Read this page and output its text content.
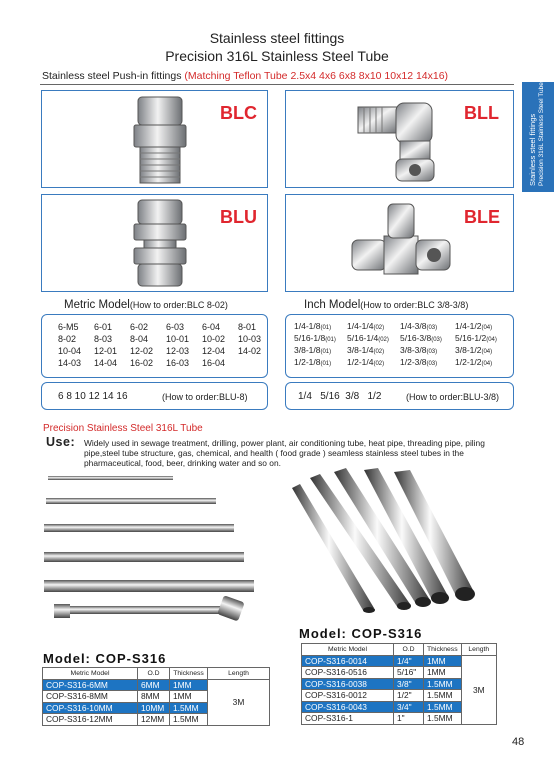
Stainless steel fittings
Precision 316L Stainless Steel Tube
Stainless steel Push-in fittings (Matching Teflon Tube 2.5x4 4x6 6x8 8x10 10x12 14x16)
Stainless steel fittings Precision 316L Stainless Steel Tube
BLC	BLL
BLU	BLE
Metric Model(How to order:BLC 8-02)
6-M5	6-01	6-02	6-03	6-04	8-01
8-02	8-03	8-04	10-01	10-02	10-03
10-04	12-01	12-02	12-03	12-04	14-02
14-03	14-04	16-02	16-03	16-04
6 8 10 12 14 16	(How to order:BLU-8)
Inch Model(How to order:BLC 3/8-3/8)
1/4-1/8(01)	1/4-1/4(02)	1/4-3/8(03)	1/4-1/2(04)
5/16-1/8(01)	5/16-1/4(02)	5/16-3/8(03)	5/16-1/2(04)
3/8-1/8(01)	3/8-1/4(02)	3/8-3/8(03)	3/8-1/2(04)
1/2-1/8(01)	1/2-1/4(02)	1/2-3/8(03)	1/2-1/2(04)
1/4   5/16  3/8   1/2	(How to order:BLU-3/8)
Precision Stainless Steel 316L Tube
Use: Widely used in sewage treatment, drilling, power plant, air conditioning tube, heat pipe, threading pipe, piling pipe,steel tube structure, gas, chemical, and health ( food grade ) seamless stainless steel tubes in the pharmaceutical, food, beer, drinking water and so on.
Model: COP-S316
Metric Model	O.D	Thickness	Length
COP-S316-6MM	6MM	1MM	3M
COP-S316-8MM	8MM	1MM	
COP-S316-10MM	10MM	1.5MM	
COP-S316-12MM	12MM	1.5MM	
Model: COP-S316
Metric Model	O.D	Thickness	Length
COP-S316-0014	1/4"	1MM	3M
COP-S316-0516	5/16"	1MM	
COP-S316-0038	3/8"	1.5MM	
COP-S316-0012	1/2"	1.5MM	
COP-S316-0043	3/4"	1.5MM	
COP-S316-1	1"	1.5MM	
48
